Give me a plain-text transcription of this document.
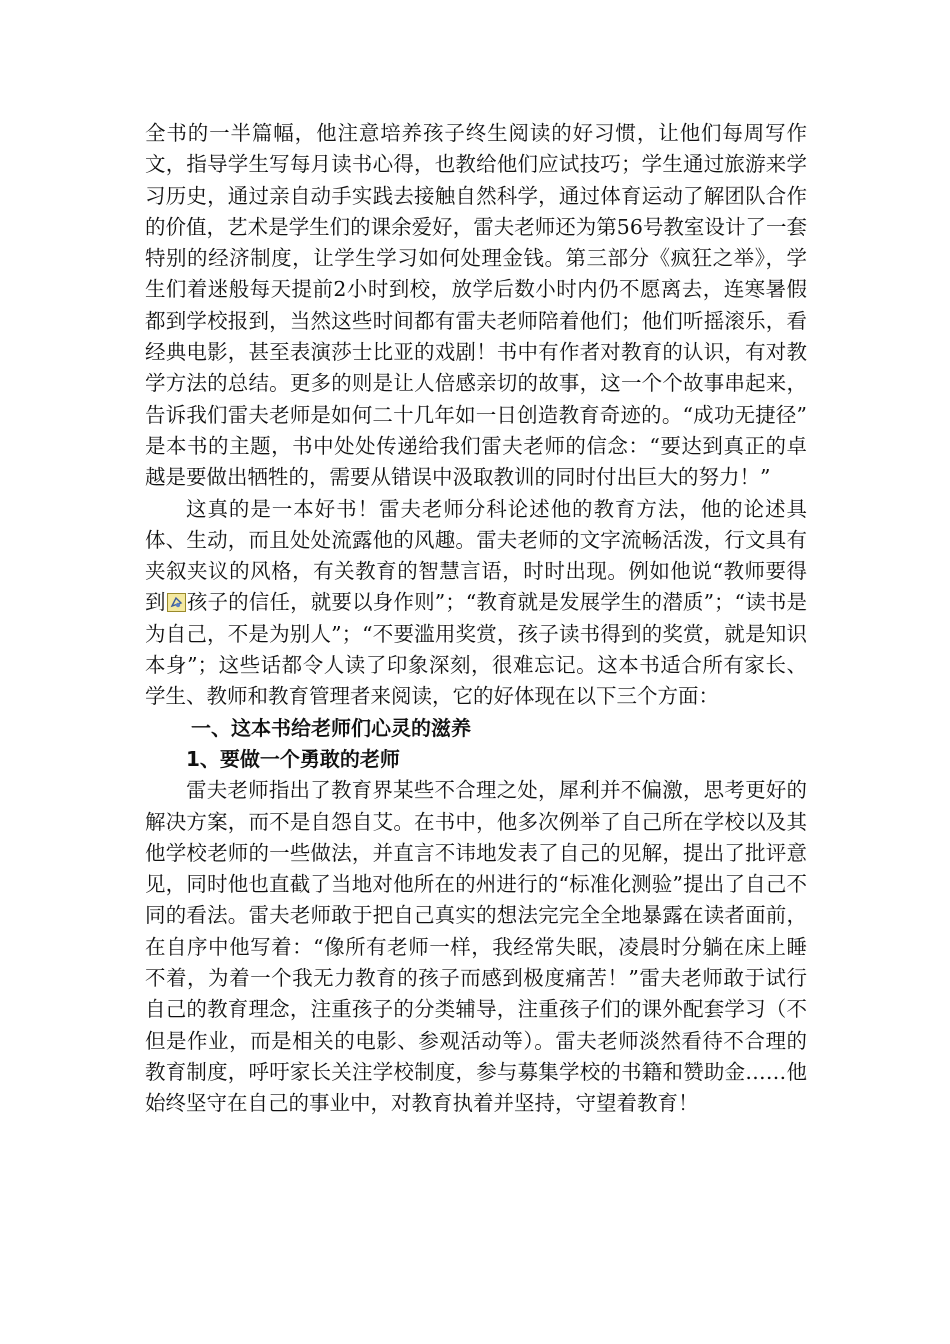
全书的一半篇幅，他注意培养孩子终生阅读的好习惯，让他们每周写作文，指导学生写每月读书心得，也教给他们应试技巧；学生通过旅游来学习历史，通过亲自动手实践去接触自然科学，通过体育运动了解团队合作的价值，艺术是学生们的课余爱好，雷夫老师还为第56号教室设计了一套特别的经济制度，让学生学习如何处理金钱。第三部分《疯狂之举》，学生们着迷般每天提前2小时到校，放学后数小时内仍不愿离去，连寒暑假都到学校报到，当然这些时间都有雷夫老师陪着他们；他们听摇滚乐，看经典电影，甚至表演莎士比亚的戏剧！书中有作者对教育的认识，有对教学方法的总结。更多的则是让人倍感亲切的故事，这一个个故事串起来，告诉我们雷夫老师是如何二十几年如一日创造教育奇迹的。“成功无捷径” 是本书的主题，书中处处传递给我们雷夫老师的信念：“要达到真正的卓越是要做出牺牲的，需要从错误中汲取教训的同时付出巨大的努力！”

这真的是一本好书！雷夫老师分科论述他的教育方法，他的论述具体、生动，而且处处流露他的风趣。雷夫老师的文字流畅活泼，行文具有夹叙夹议的风格，有关教育的智慧言语，时时出现。例如他说“教师要得到 孩子的信任，就要以身作则”；“教育就是发展学生的潜质”；“读书是为自己，不是为别人”；“不要滥用奖赏，孩子读书得到的奖赏，就是知识本身”；这些话都令人读了印象深刻，很难忘记。这本书适合所有家长、学生、教师和教育管理者来阅读，它的好体现在以下三个方面：

一、这本书给老师们心灵的滋养

1、要做一个勇敢的老师

雷夫老师指出了教育界某些不合理之处，犀利并不偏激，思考更好的解决方案，而不是自怨自艾。在书中，他多次例举了自己所在学校以及其他学校老师的一些做法，并直言不讳地发表了自己的见解，提出了批评意见，同时他也直截了当地对他所在的州进行的“标准化测验”提出了自己不同的看法。雷夫老师敢于把自己真实的想法完完全全地暴露在读者面前，在自序中他写着：“像所有老师一样，我经常失眠，凌晨时分躺在床上睡不着，为着一个我无力教育的孩子而感到极度痛苦！”雷夫老师敢于试行自己的教育理念，注重孩子的分类辅导，注重孩子们的课外配套学习（不但是作业，而是相关的电影、参观活动等）。雷夫老师淡然看待不合理的教育制度，呼吁家长关注学校制度，参与募集学校的书籍和赞助金……他始终坚守在自己的事业中，对教育执着并坚持，守望着教育！
